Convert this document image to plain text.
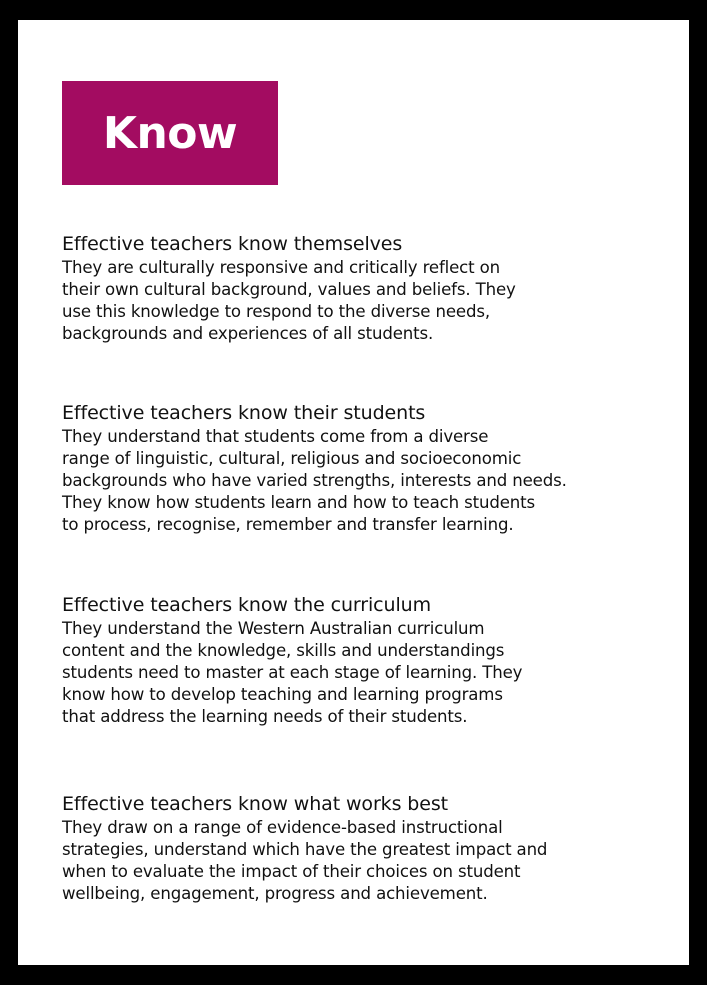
Know
Effective teachers know themselves
They are culturally responsive and critically reflect on
their own cultural background, values and beliefs. They
use this knowledge to respond to the diverse needs,
backgrounds and experiences of all students.
Effective teachers know their students
They understand that students come from a diverse
range of linguistic, cultural, religious and socioeconomic
backgrounds who have varied strengths, interests and needs.
They know how students learn and how to teach students
to process, recognise, remember and transfer learning.
Effective teachers know the curriculum
They understand the Western Australian curriculum
content and the knowledge, skills and understandings
students need to master at each stage of learning. They
know how to develop teaching and learning programs
that address the learning needs of their students.
Effective teachers know what works best
They draw on a range of evidence-based instructional
strategies, understand which have the greatest impact and
when to evaluate the impact of their choices on student
wellbeing, engagement, progress and achievement.
